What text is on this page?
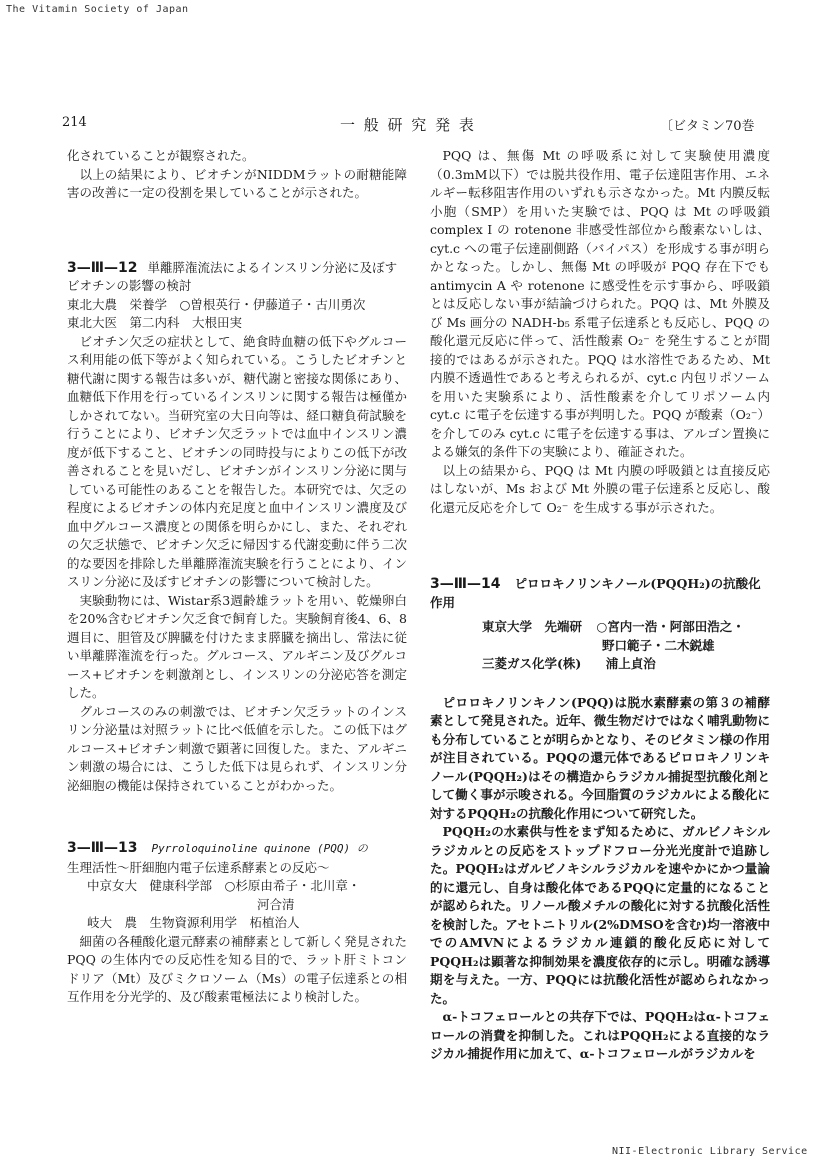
The Vitamin Society of Japan
214	一 般 研 究 発 表	〔ビタミン70巻

化されていることが観察された。

以上の結果により、ビオチンがNIDDMラットの耐糖能障害の改善に一定の役割を果していることが示された。

3—Ⅲ—12 単離膵潅流法によるインスリン分泌に及ぼすビオチンの影響の検討
東北大農　栄養学　○曽根英行・伊藤道子・古川勇次
東北大医　第二内科　大根田実

ビオチン欠乏の症状として、絶食時血糖の低下やグルコース利用能の低下等がよく知られている。こうしたビオチンと糖代謝に関する報告は多いが、糖代謝と密接な関係にあり、血糖低下作用を行っているインスリンに関する報告は極僅かしかされてない。当研究室の大日向等は、経口糖負荷試験を行うことにより、ビオチン欠乏ラットでは血中インスリン濃度が低下すること、ビオチンの同時投与によりこの低下が改善されることを見いだし、ビオチンがインスリン分泌に関与している可能性のあることを報告した。本研究では、欠乏の程度によるビオチンの体内充足度と血中インスリン濃度及び血中グルコース濃度との関係を明らかにし、また、それぞれの欠乏状態で、ビオチン欠乏に帰因する代謝変動に伴う二次的な要因を排除した単離膵潅流実験を行うことにより、インスリン分泌に及ぼすビオチンの影響について検討した。

実験動物には、Wistar系3週齢雄ラットを用い、乾燥卵白を20%含むビオチン欠乏食で飼育した。実験飼育後4、6、8週目に、胆管及び脾臓を付けたまま膵臓を摘出し、常法に従い単離膵潅流を行った。グルコース、アルギニン及びグルコース+ビオチンを刺激剤とし、インスリンの分泌応答を測定した。

グルコースのみの刺激では、ビオチン欠乏ラットのインスリン分泌量は対照ラットに比べ低値を示した。この低下はグルコース+ビオチン刺激で顕著に回復した。また、アルギニン刺激の場合には、こうした低下は見られず、インスリン分泌細胞の機能は保持されていることがわかった。

3—Ⅲ—13 Pyrroloquinoline quinone (PQQ) の
生理活性〜肝細胞内電子伝達系酵素との反応〜
中京女大　健康科学部　○杉原由希子・北川章・
河合清
岐大　農　生物資源利用学　柘植治人

細菌の各種酸化還元酵素の補酵素として新しく発見された PQQ の生体内での反応性を知る目的で、ラット肝ミトコンドリア（Mt）及びミクロソーム（Ms）の電子伝達系との相互作用を分光学的、及び酸素電極法により検討した。

PQQ は、無傷 Mt の呼吸系に対して実験使用濃度（0.3mM以下）では脱共役作用、電子伝達阻害作用、エネルギー転移阻害作用のいずれも示さなかった。Mt 内膜反転小胞（SMP）を用いた実験では、PQQ は Mt の呼吸鎖 complex Ⅰ の rotenone 非感受性部位から酸素ないしは、cyt.c への電子伝達副側路（バイパス）を形成する事が明らかとなった。しかし、無傷 Mt の呼吸が PQQ 存在下でも antimycin A や rotenone に感受性を示す事から、呼吸鎖とは反応しない事が結論づけられた。PQQ は、Mt 外膜及び Ms 画分の NADH-b₅ 系電子伝達系とも反応し、PQQ の酸化還元反応に伴って、活性酸素 O₂⁻ を発生することが間接的ではあるが示された。PQQ は水溶性であるため、Mt 内膜不透過性であると考えられるが、cyt.c 内包リポソームを用いた実験系により、活性酸素を介してリポソーム内 cyt.c に電子を伝達する事が判明した。PQQ が酸素（O₂⁻）を介してのみ cyt.c に電子を伝達する事は、アルゴン置換による嫌気的条件下の実験により、確証された。

以上の結果から、PQQ は Mt 内膜の呼吸鎖とは直接反応はしないが、Ms および Mt 外膜の電子伝達系と反応し、酸化還元反応を介して O₂⁻ を生成する事が示された。

3—Ⅲ—14 ピロロキノリンキノール(PQQH₂)の抗酸化作用
東京大学　先端研 ○宮内一浩・阿部田浩之・
野口範子・二木鋭雄
三菱ガス化学(株) 浦上貞治

ピロロキノリンキノン(PQQ)は脱水素酵素の第３の補酵素として発見された。近年、微生物だけではなく哺乳動物にも分布していることが明らかとなり、そのビタミン様の作用が注目されている。PQQの還元体であるピロロキノリンキノール(PQQH₂)はその構造からラジカル捕捉型抗酸化剤として働く事が示唆される。今回脂質のラジカルによる酸化に対するPQQH₂の抗酸化作用について研究した。

PQQH₂の水素供与性をまず知るために、ガルビノキシルラジカルとの反応をストップドフロー分光光度計で追跡した。PQQH₂はガルビノキシルラジカルを速やかにかつ量論的に還元し、自身は酸化体であるPQQに定量的になることが認められた。リノール酸メチルの酸化に対する抗酸化活性を検討した。アセトニトリル(2%DMSOを含む)均一溶液中でのAMVNによるラジカル連鎖的酸化反応に対してPQQH₂は顕著な抑制効果を濃度依存的に示し。明確な誘導期を与えた。一方、PQQには抗酸化活性が認められなかった。

α-トコフェロールとの共存下では、PQQH₂はα-トコフェロールの消費を抑制した。これはPQQH₂による直接的なラジカル捕捉作用に加えて、α-トコフェロールがラジカルを

NII-Electronic Library Service
